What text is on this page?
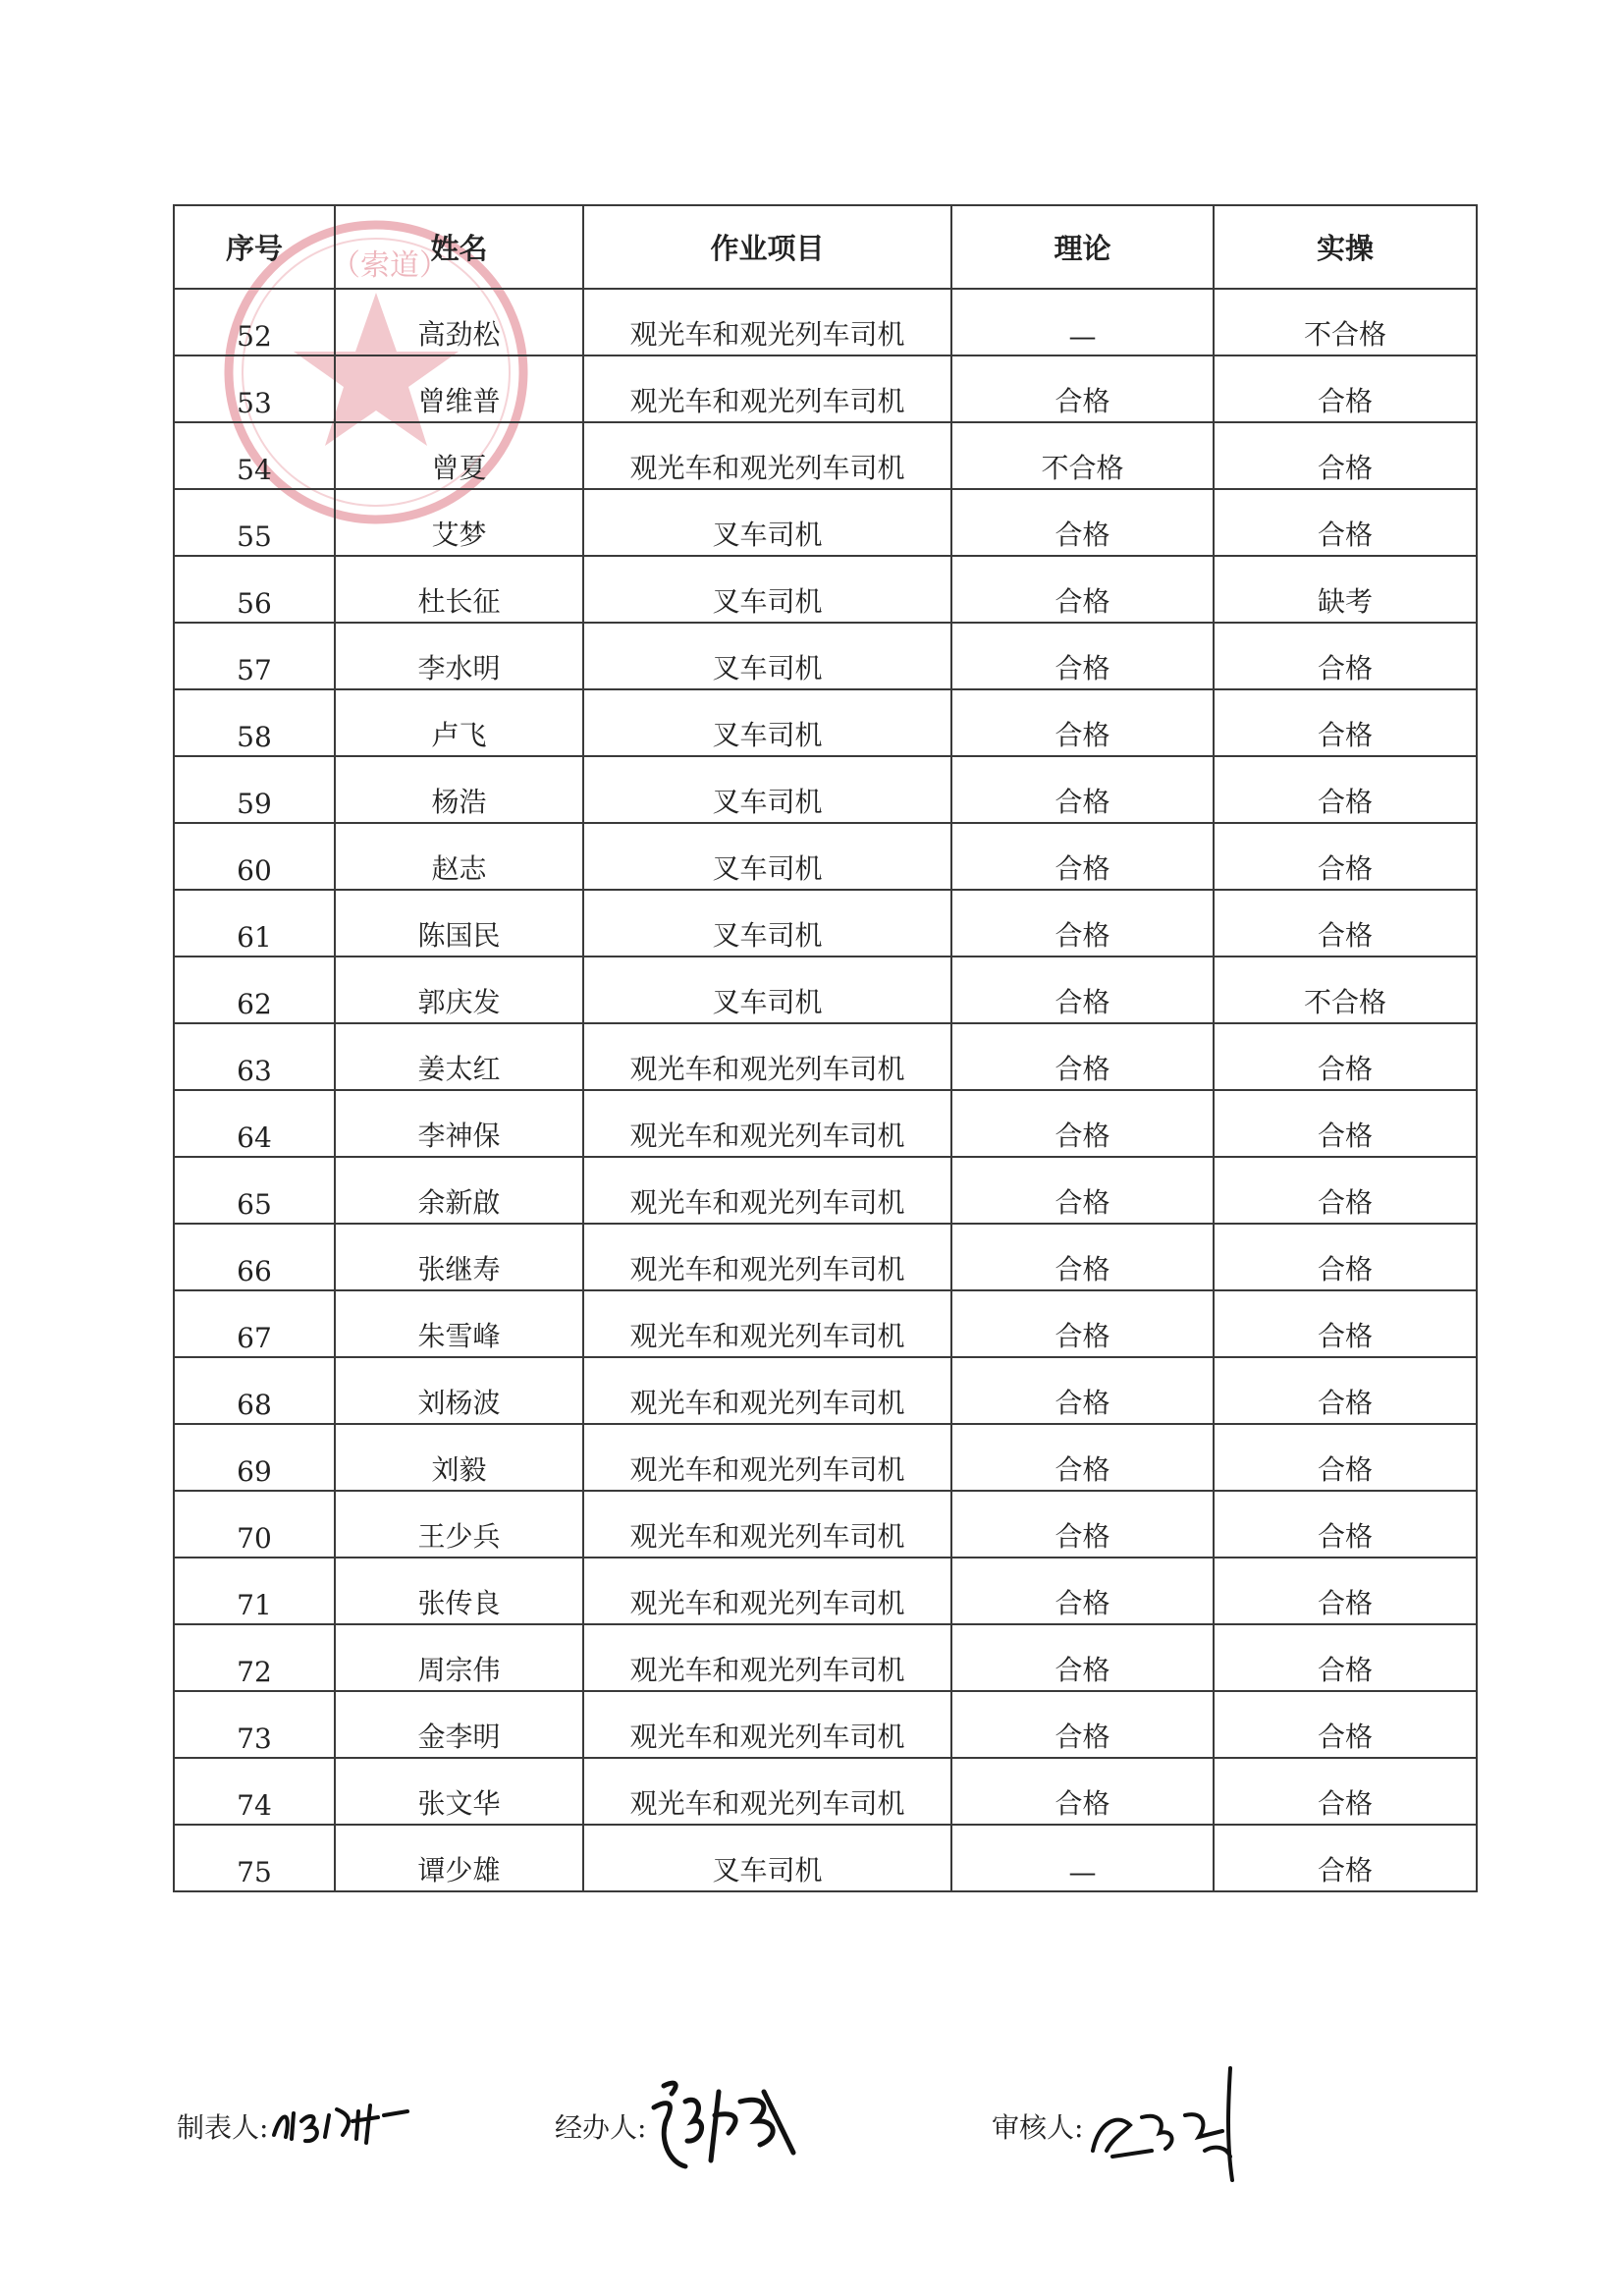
（索道）
序号	姓名	作业项目	理论	实操
52	高劲松	观光车和观光列车司机	—	不合格
53	曾维普	观光车和观光列车司机	合格	合格
54	曾夏	观光车和观光列车司机	不合格	合格
55	艾梦	叉车司机	合格	合格
56	杜长征	叉车司机	合格	缺考
57	李水明	叉车司机	合格	合格
58	卢飞	叉车司机	合格	合格
59	杨浩	叉车司机	合格	合格
60	赵志	叉车司机	合格	合格
61	陈国民	叉车司机	合格	合格
62	郭庆发	叉车司机	合格	不合格
63	姜太红	观光车和观光列车司机	合格	合格
64	李神保	观光车和观光列车司机	合格	合格
65	余新啟	观光车和观光列车司机	合格	合格
66	张继寿	观光车和观光列车司机	合格	合格
67	朱雪峰	观光车和观光列车司机	合格	合格
68	刘杨波	观光车和观光列车司机	合格	合格
69	刘毅	观光车和观光列车司机	合格	合格
70	王少兵	观光车和观光列车司机	合格	合格
71	张传良	观光车和观光列车司机	合格	合格
72	周宗伟	观光车和观光列车司机	合格	合格
73	金李明	观光车和观光列车司机	合格	合格
74	张文华	观光车和观光列车司机	合格	合格
75	谭少雄	叉车司机	—	合格
制表人:	经办人:	审核人:
